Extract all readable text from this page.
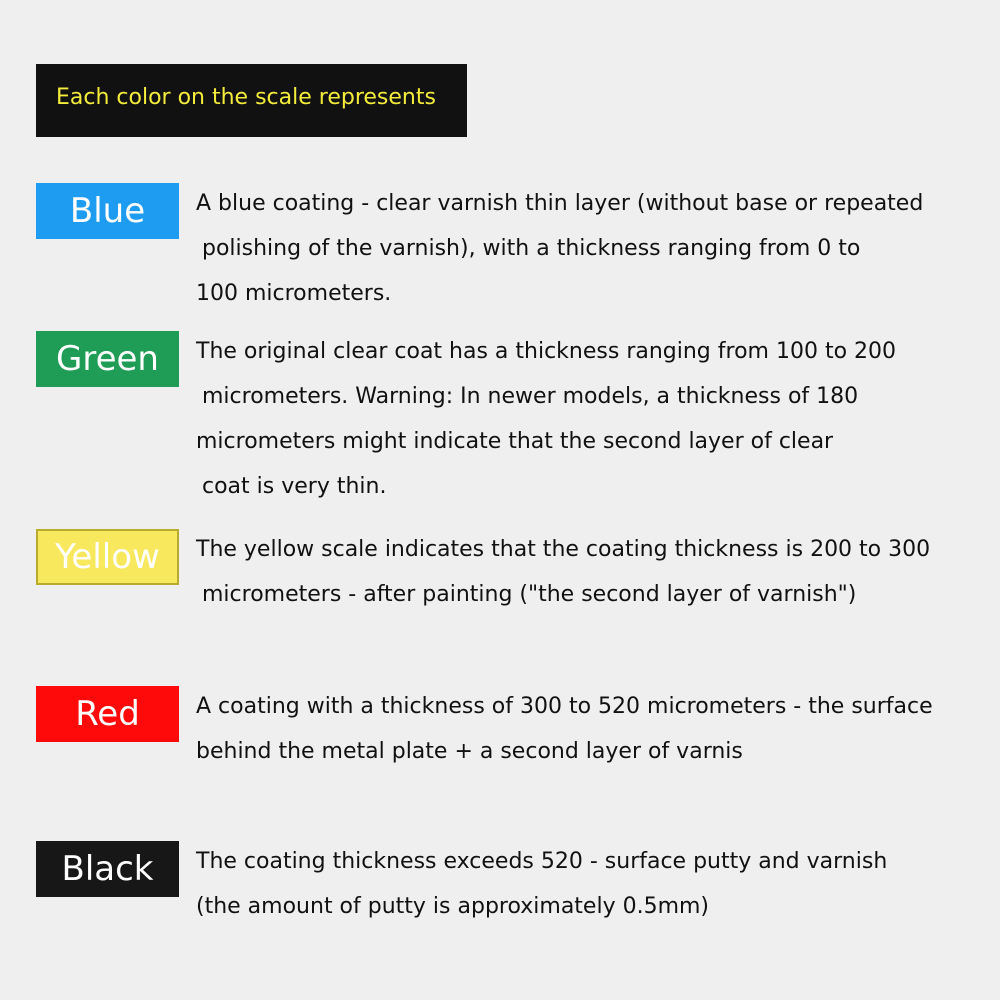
Each color on the scale represents
Blue A blue coating - clear varnish thin layer (without base or repeated
polishing of the varnish), with a thickness ranging from 0 to
100 micrometers.
Green The original clear coat has a thickness ranging from 100 to 200
micrometers. Warning: In newer models, a thickness of 180
micrometers might indicate that the second layer of clear
coat is very thin.
Yellow The yellow scale indicates that the coating thickness is 200 to 300
micrometers - after painting ("the second layer of varnish")
Red	A coating with a thickness of 300 to 520 micrometers - the surface
behind the metal plate + a second layer of varnis
Black The coating thickness exceeds 520 - surface putty and varnish
(the amount of putty is approximately 0.5mm)
